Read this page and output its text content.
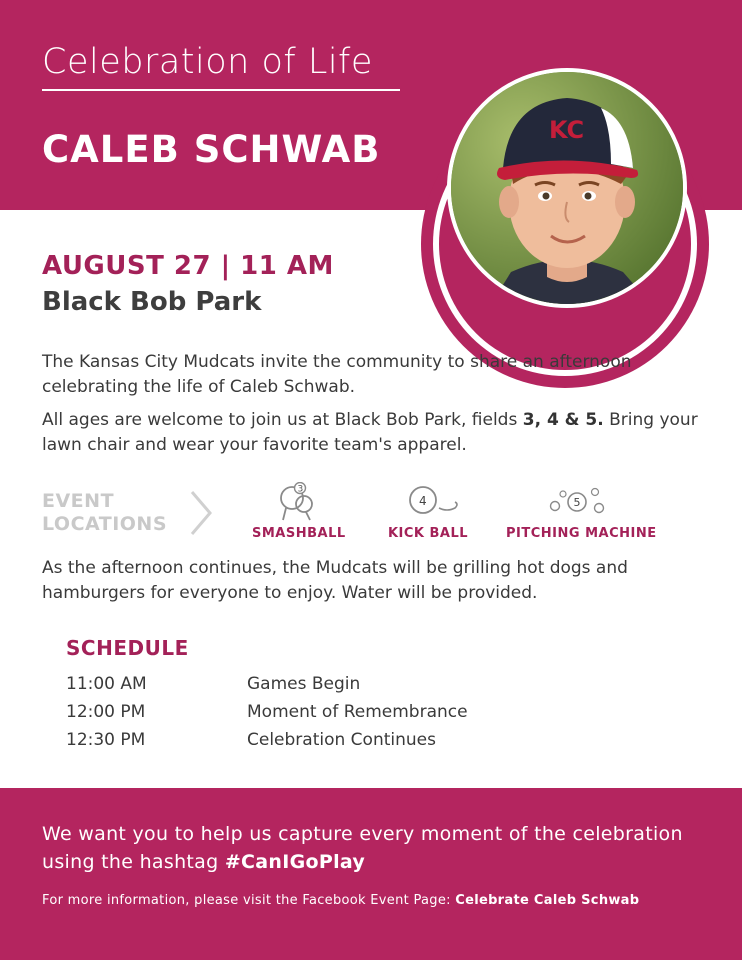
Celebration of Life
CALEB SCHWAB	KC
AUGUST 27 | 11 AM
Black Bob Park

The Kansas City Mudcats invite the community to share an afternoon celebrating the life of Caleb Schwab.

All ages are welcome to join us at Black Bob Park, fields 3, 4 & 5. Bring your lawn chair and wear your favorite team's apparel.

EVENT
LOCATIONS
3
SMASHBALL
4
KICK BALL
5
PITCHING MACHINE

As the afternoon continues, the Mudcats will be grilling hot dogs and hamburgers for everyone to enjoy. Water will be provided.

SCHEDULE
11:00 AM	Games Begin
12:00 PM	Moment of Remembrance
12:30 PM	Celebration Continues

We want you to help us capture every moment of the celebration using the hashtag #CanIGoPlay

For more information, please visit the Facebook Event Page: Celebrate Caleb Schwab
